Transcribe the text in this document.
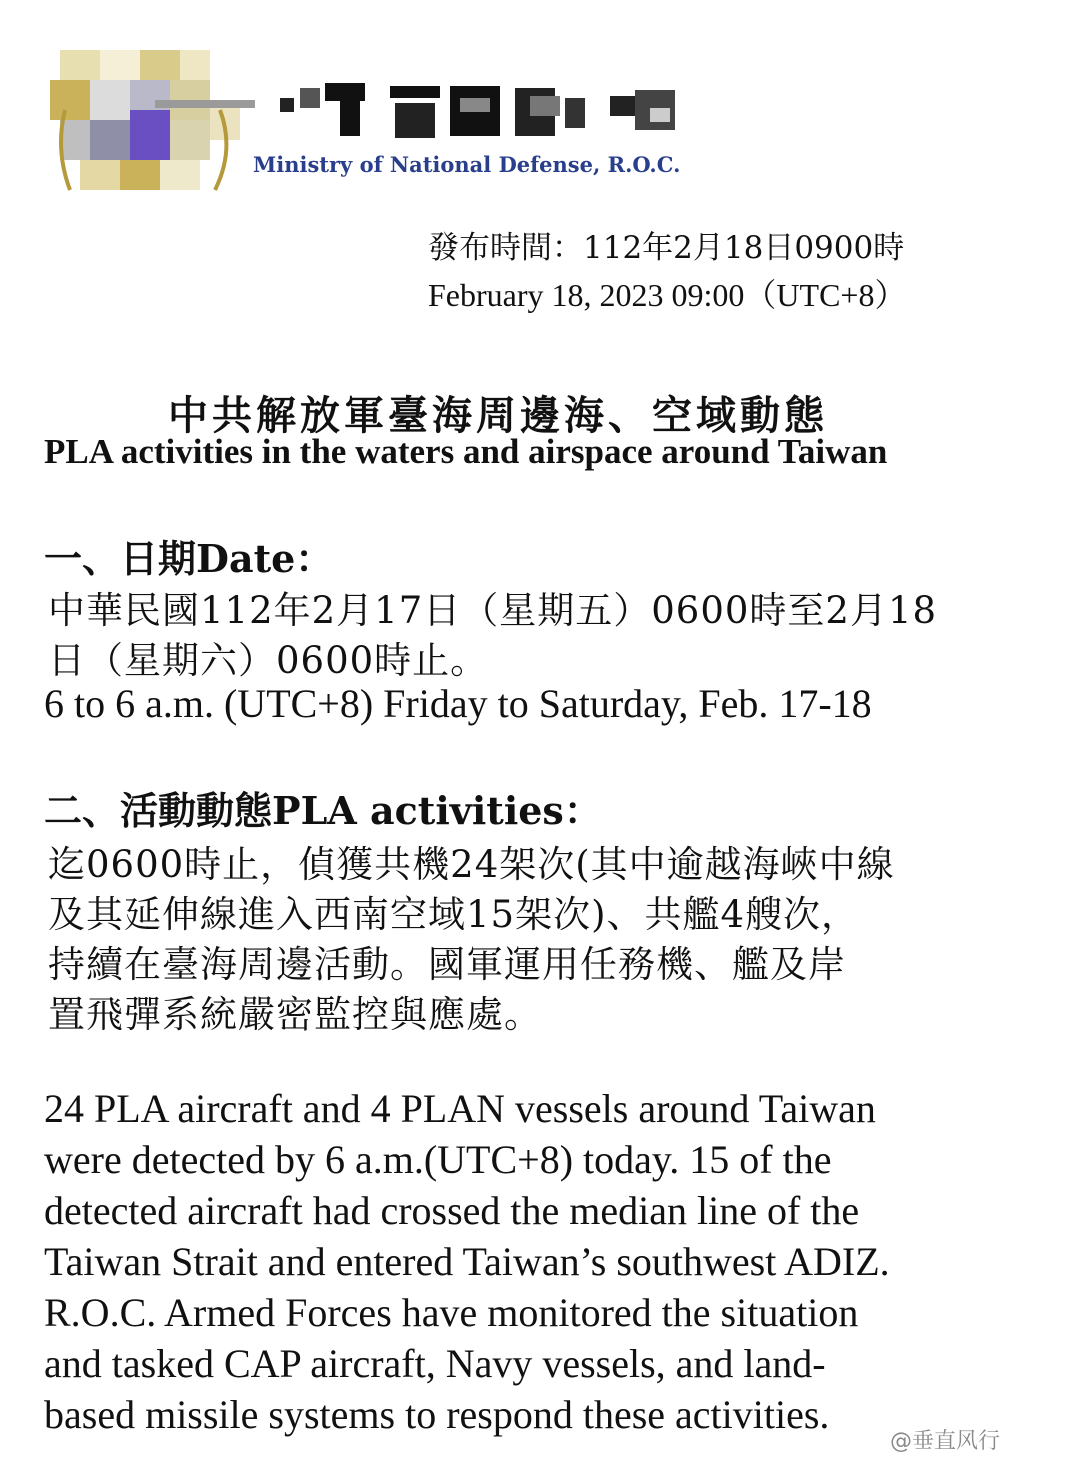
Ministry of National Defense, R.O.C.
發布時間：112年2月18日0900時
February 18, 2023 09:00（UTC+8）
中共解放軍臺海周邊海、空域動態
PLA activities in the waters and airspace around Taiwan
一、日期Date：
中華民國112年2月17日（星期五）0600時至2月18
日（星期六）0600時止。
6 to 6 a.m. (UTC+8) Friday to Saturday, Feb. 17-18
二、活動動態PLA activities：
迄0600時止，偵獲共機24架次(其中逾越海峽中線
及其延伸線進入西南空域15架次)、共艦4艘次，
持續在臺海周邊活動。國軍運用任務機、艦及岸
置飛彈系統嚴密監控與應處。
24 PLA aircraft and 4 PLAN vessels around Taiwan
were detected by 6 a.m.(UTC+8) today. 15 of the
detected aircraft had crossed the median line of the
Taiwan Strait and entered Taiwan’s southwest ADIZ.
R.O.C. Armed Forces have monitored the situation
and tasked CAP aircraft, Navy vessels, and land-
based missile systems to respond these activities.
@垂直风行
